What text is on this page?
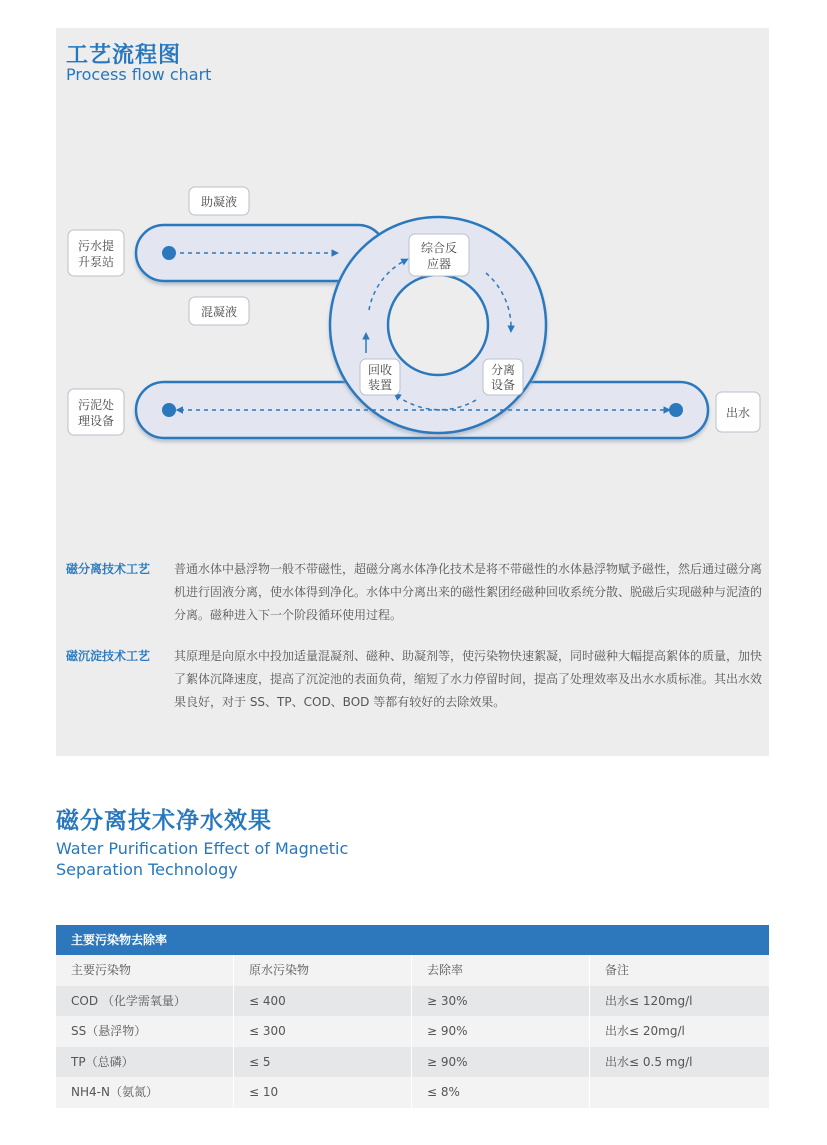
工艺流程图
Process flow chart
污水提
升泵站
污泥处
理设备
出水
助凝液
混凝液
综合反
应器
回收
装置
分离
设备
磁分离技术工艺 普通水体中悬浮物一般不带磁性，超磁分离水体净化技术是将不带磁性的水体悬浮物赋予磁性，然后通过磁分离机进行固液分离，使水体得到净化。水体中分离出来的磁性絮团经磁种回收系统分散、脱磁后实现磁种与泥渣的分离。磁种进入下一个阶段循环使用过程。
磁沉淀技术工艺 其原理是向原水中投加适量混凝剂、磁种、助凝剂等，使污染物快速絮凝，同时磁种大幅提高絮体的质量，加快了絮体沉降速度，提高了沉淀池的表面负荷，缩短了水力停留时间，提高了处理效率及出水水质标准。其出水效果良好，对于 SS、TP、COD、BOD 等都有较好的去除效果。
磁分离技术净水效果
Water Purification Effect of Magnetic
Separation Technology
主要污染物去除率
主要污染物	原水污染物	去除率	备注
COD （化学需氧量）	≤ 400	≥ 30%	出水≤ 120mg/l
SS（悬浮物）	≤ 300	≥ 90%	出水≤ 20mg/l
TP（总磷）	≤ 5	≥ 90%	出水≤ 0.5 mg/l
NH4-N（氨氮）	≤ 10	≤ 8%
